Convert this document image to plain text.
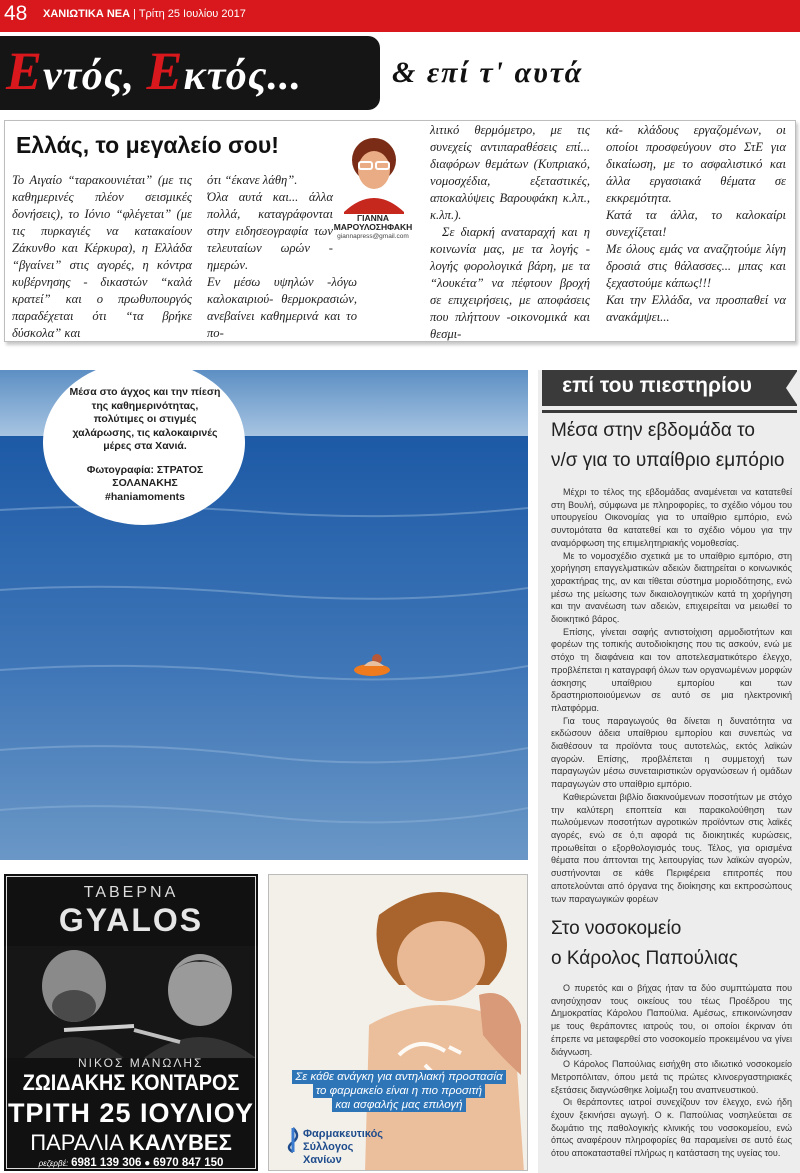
48 ΧΑΝΙΩΤΙΚΑ ΝΕΑ | Τρίτη 25 Ιουλίου 2017
Εντός, Εκτός...	& επί τ' αυτά
Ελλάς, το μεγαλείο σου!
Το Αιγαίο “ταρακουνιέται” (με τις καθημερινές πλέον σεισμικές δονήσεις), το Ιόνιο “φλέγεται” (με τις πυρκαγιές να κατακαίουν Ζάκυνθο και Κέρκυρα), η Ελλάδα “βγαίνει” στις αγορές, η κόντρα κυβέρνησης - δικαστών “καλά κρατεί” και ο πρωθυπουργός παραδέχεται ότι “τα βρήκε δύσκολα” και
ότι “έκανε λάθη”.
Όλα αυτά και... άλλα πολλά, καταγράφονται στην ειδησεογραφία των τελευταίων ωρών - ημερών.
Εν μέσω υψηλών -λόγω καλοκαιριού- θερμοκρασιών, ανεβαίνει καθημερινά και το πο-
ΓΙΑΝΝΑ
ΜΑΡΟΥΛΟΣΗΦΑΚΗ
giannapress@gmail.com
λιτικό θερμόμετρο, με τις συνεχείς αντιπαραθέσεις επί... διαφόρων θεμάτων (Κυπριακό, νομοσχέδια, εξεταστικές, αποκαλύψεις Βαρουφάκη κ.λπ., κ.λπ.).
Σε διαρκή αναταραχή και η κοινωνία μας, με τα λογής - λογής φορολογικά βάρη, με τα “λουκέτα” να πέφτουν βροχή σε επιχειρήσεις, με αποφάσεις που πλήττουν -οικονομικά και θεσμι-
κά- κλάδους εργαζομένων, οι οποίοι προσφεύγουν στο ΣτΕ για δικαίωση, με το ασφαλιστικό και άλλα εργασιακά θέματα σε εκκρεμότητα.
Κατά τα άλλα, το καλοκαίρι συνεχίζεται!
Με όλους εμάς να αναζητούμε λίγη δροσιά στις θάλασσες... μπας και ξεχαστούμε κάπως!!!
Και την Ελλάδα, να προσπαθεί να ανακάμψει...
Μέσα στο άγχος και την πίεση της καθημερινότητας, πολύτιμες οι στιγμές χαλάρωσης, τις καλοκαιρινές μέρες στα Χανιά.
Φωτογραφία: ΣΤΡΑΤΟΣ ΣΟΛΑΝΑΚΗΣ
#haniamoments
επί του πιεστηρίου
Μέσα στην εβδομάδα το
ν/σ για το υπαίθριο εμπόριο

Μέχρι το τέλος της εβδομάδας αναμένεται να κατατεθεί στη Βουλή, σύμφωνα με πληροφορίες, το σχέδιο νόμου του υπουργείου Οικονομίας για το υπαίθριο εμπόριο, ενώ συντομότατα θα κατατεθεί και το σχέδιο νόμου για την αναμόρφωση της επιμελητηριακής νομοθεσίας.

Με το νομοσχέδιο σχετικά με το υπαίθριο εμπόριο, στη χορήγηση επαγγελματικών αδειών διατηρείται ο κοινωνικός χαρακτήρας της, αν και τίθεται σύστημα μοριοδότησης, ενώ μέσω της μείωσης των δικαιολογητικών κατά τη χορήγηση και την ανανέωση των αδειών, επιχειρείται να μειωθεί το διοικητικό βάρος.

Επίσης, γίνεται σαφής αντιστοίχιση αρμοδιοτήτων και φορέων της τοπικής αυτοδιοίκησης που τις ασκούν, ενώ με στόχο τη διαφάνεια και τον αποτελεσματικότερο έλεγχο, προβλέπεται η καταγραφή όλων των οργανωμένων μορφών άσκησης υπαίθριου εμπορίου και των δραστηριοποιούμενων σε αυτό σε μια ηλεκτρονική πλατφόρμα.

Για τους παραγωγούς θα δίνεται η δυνατότητα να εκδώσουν άδεια υπαίθριου εμπορίου και συνεπώς να διαθέσουν τα προϊόντα τους αυτοτελώς, εκτός λαϊκών αγορών. Επίσης, προβλέπεται η συμμετοχή των παραγωγών μέσω συνεταιριστικών οργανώσεων ή ομάδων παραγωγών στο υπαίθριο εμπόριο.

Καθιερώνεται βιβλίο διακινούμενων ποσοτήτων με στόχο την καλύτερη εποπτεία και παρακολούθηση των πωλούμενων ποσοτήτων αγροτικών προϊόντων στις λαϊκές αγορές, ενώ σε ό,τι αφορά τις διοικητικές κυρώσεις, προωθείται ο εξορθολογισμός τους. Τέλος, για ορισμένα θέματα που άπτονται της λειτουργίας των λαϊκών αγορών, συστήνονται σε κάθε Περιφέρεια επιτροπές που αποτελούνται από όργανα της διοίκησης και εκπροσώπους των παραγωγικών φορέων

Στο νοσοκομείο
ο Κάρολος Παπούλιας

Ο πυρετός και ο βήχας ήταν τα δύο συμπτώματα που ανησύχησαν τους οικείους του τέως Προέδρου της Δημοκρατίας Κάρολου Παπούλια. Αμέσως, επικοινώνησαν με τους θεράποντες ιατρούς του, οι οποίοι έκριναν ότι έπρεπε να μεταφερθεί στο νοσοκομείο προκειμένου να γίνει διάγνωση.

Ο Κάρολος Παπούλιας εισήχθη στο ιδιωτικό νοσοκομείο Μετροπόλιταν, όπου μετά τις πρώτες κλινοεργαστηριακές εξετάσεις διαγνώσθηκε λοίμωξη του αναπνευστικού.

Οι θεράποντες ιατροί συνεχίζουν τον έλεγχο, ενώ ήδη έχουν ξεκινήσει αγωγή. Ο κ. Παπούλιας νοσηλεύεται σε δωμάτιο της παθολογικής κλινικής του νοσοκομείου, ενώ όπως αναφέρουν πληροφορίες θα παραμείνει σε αυτό έως ότου αποκατασταθεί πλήρως η κατάσταση της υγείας του.

ΤΑΒΕΡΝΑ
GYALOS
ΝΙΚΟΣ ΜΑΝΩΛΗΣ
ΖΩΙΔΑΚΗΣ ΚΟΝΤΑΡΟΣ
ΤΡΙΤΗ 25 ΙΟΥΛΙΟΥ
ΠΑΡΑΛΙΑ ΚΑΛΥΒΕΣ
ρεζερβέ: 6981 139 306 ● 6970 847 150
Σε κάθε ανάγκη για αντηλιακή προστασία
το φαρμακείο είναι η πιο προσιτή
και ασφαλής μας επιλογή
Φαρμακευτικός
Σύλλογος
Χανίων
